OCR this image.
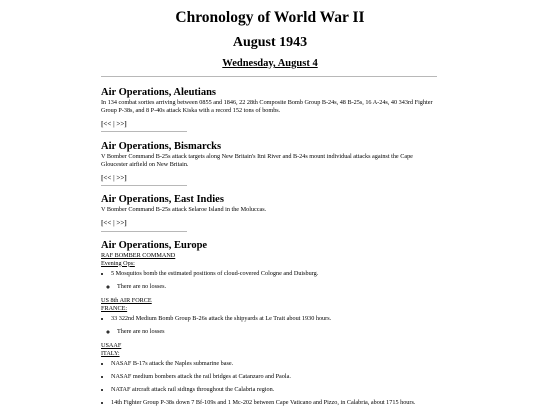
Chronology of World War II
August 1943
Wednesday, August 4

Air Operations, Aleutians

In 134 combat sorties arriving between 0855 and 1846, 22 28th Composite Bomb Group B-24s, 48 B-25s, 16 A-24s, 40 343rd Fighter Group P-38s, and 8 P-40s attack Kiska with a record 152 tons of bombs.

[<< | >>]

Air Operations, Bismarcks

V Bomber Command B-25s attack targets along New Britain's Itni River and B-24s mount individual attacks against the Cape Gloucester airfield on New Britain.

[<< | >>]

Air Operations, East Indies

V Bomber Command B-25s attack Selaroe Island in the Moluccas.

[<< | >>]

Air Operations, Europe

RAF BOMBER COMMAND

Evening Ops:

• 5 Mosquitos bomb the estimated positions of cloud-covered Cologne and Duisburg.
◦ There are no losses.

US 8th AIR FORCE

FRANCE:

• 33 322nd Medium Bomb Group B-26s attack the shipyards at Le Trait about 1930 hours.
◦ There are no losses

USAAF

ITALY:

• NASAF B-17s attack the Naples submarine base.
• NASAF medium bombers attack the rail bridges at Catanzaro and Paola.
• NATAF aircraft attack rail sidings throughout the Calabria region.
• 14th Fighter Group P-38s down 7 Bf-109s and 1 Mc-202 between Cape Vaticano and Pizzo, in Calabria, about 1715 hours.
